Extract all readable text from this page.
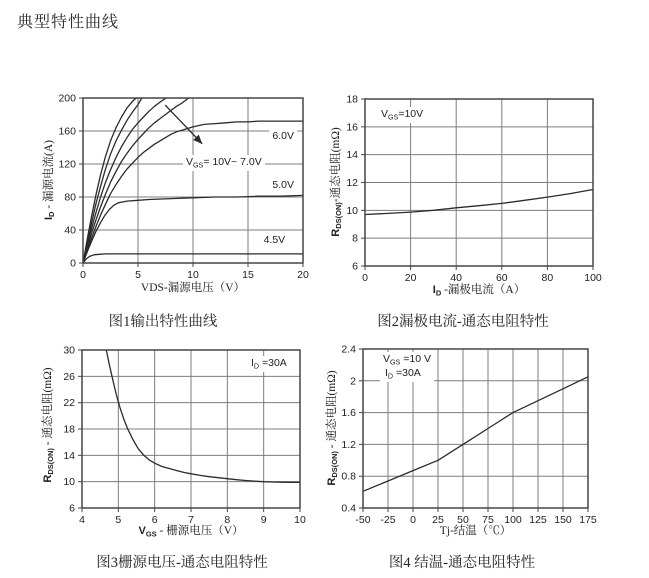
典型特性曲线
0	5	10	15	20
0
40
80
120
160
200
$V_{GS}=$ 10V~ 7.0V
$I_D$ - 漏源电流(A)
VDS-漏源电压（V）
图1输出特性曲线
6.0V
5.0V
4.5V
0	20	40	60	80	100
6
8
10
12
14
16
18
$V_{GS}=10V$
$R_{DS(ON)}-$通态电阻(mΩ)
$I_D$ -漏极电流（A）
图2漏极电流-通态电阻特性
4	5	6	7	8	9	10
6
10
14
18
22
26
30
$I_D =30A$
$R_{DS(ON)}$ - 通态电阻(mΩ)
$V_{GS}$ - 栅源电压（V）
图3栅源电压-通态电阻特性
-50 -25 0 25 50 75 100 125 150 175
0.4
0.8
1.2
1.6
2
2.4
$V_{GS} =10$ V
$I_D =30A$
$R_{DS(ON)}$ - 通态电阻(mΩ)
Tj-结温（℃）
图4 结温-通态电阻特性
